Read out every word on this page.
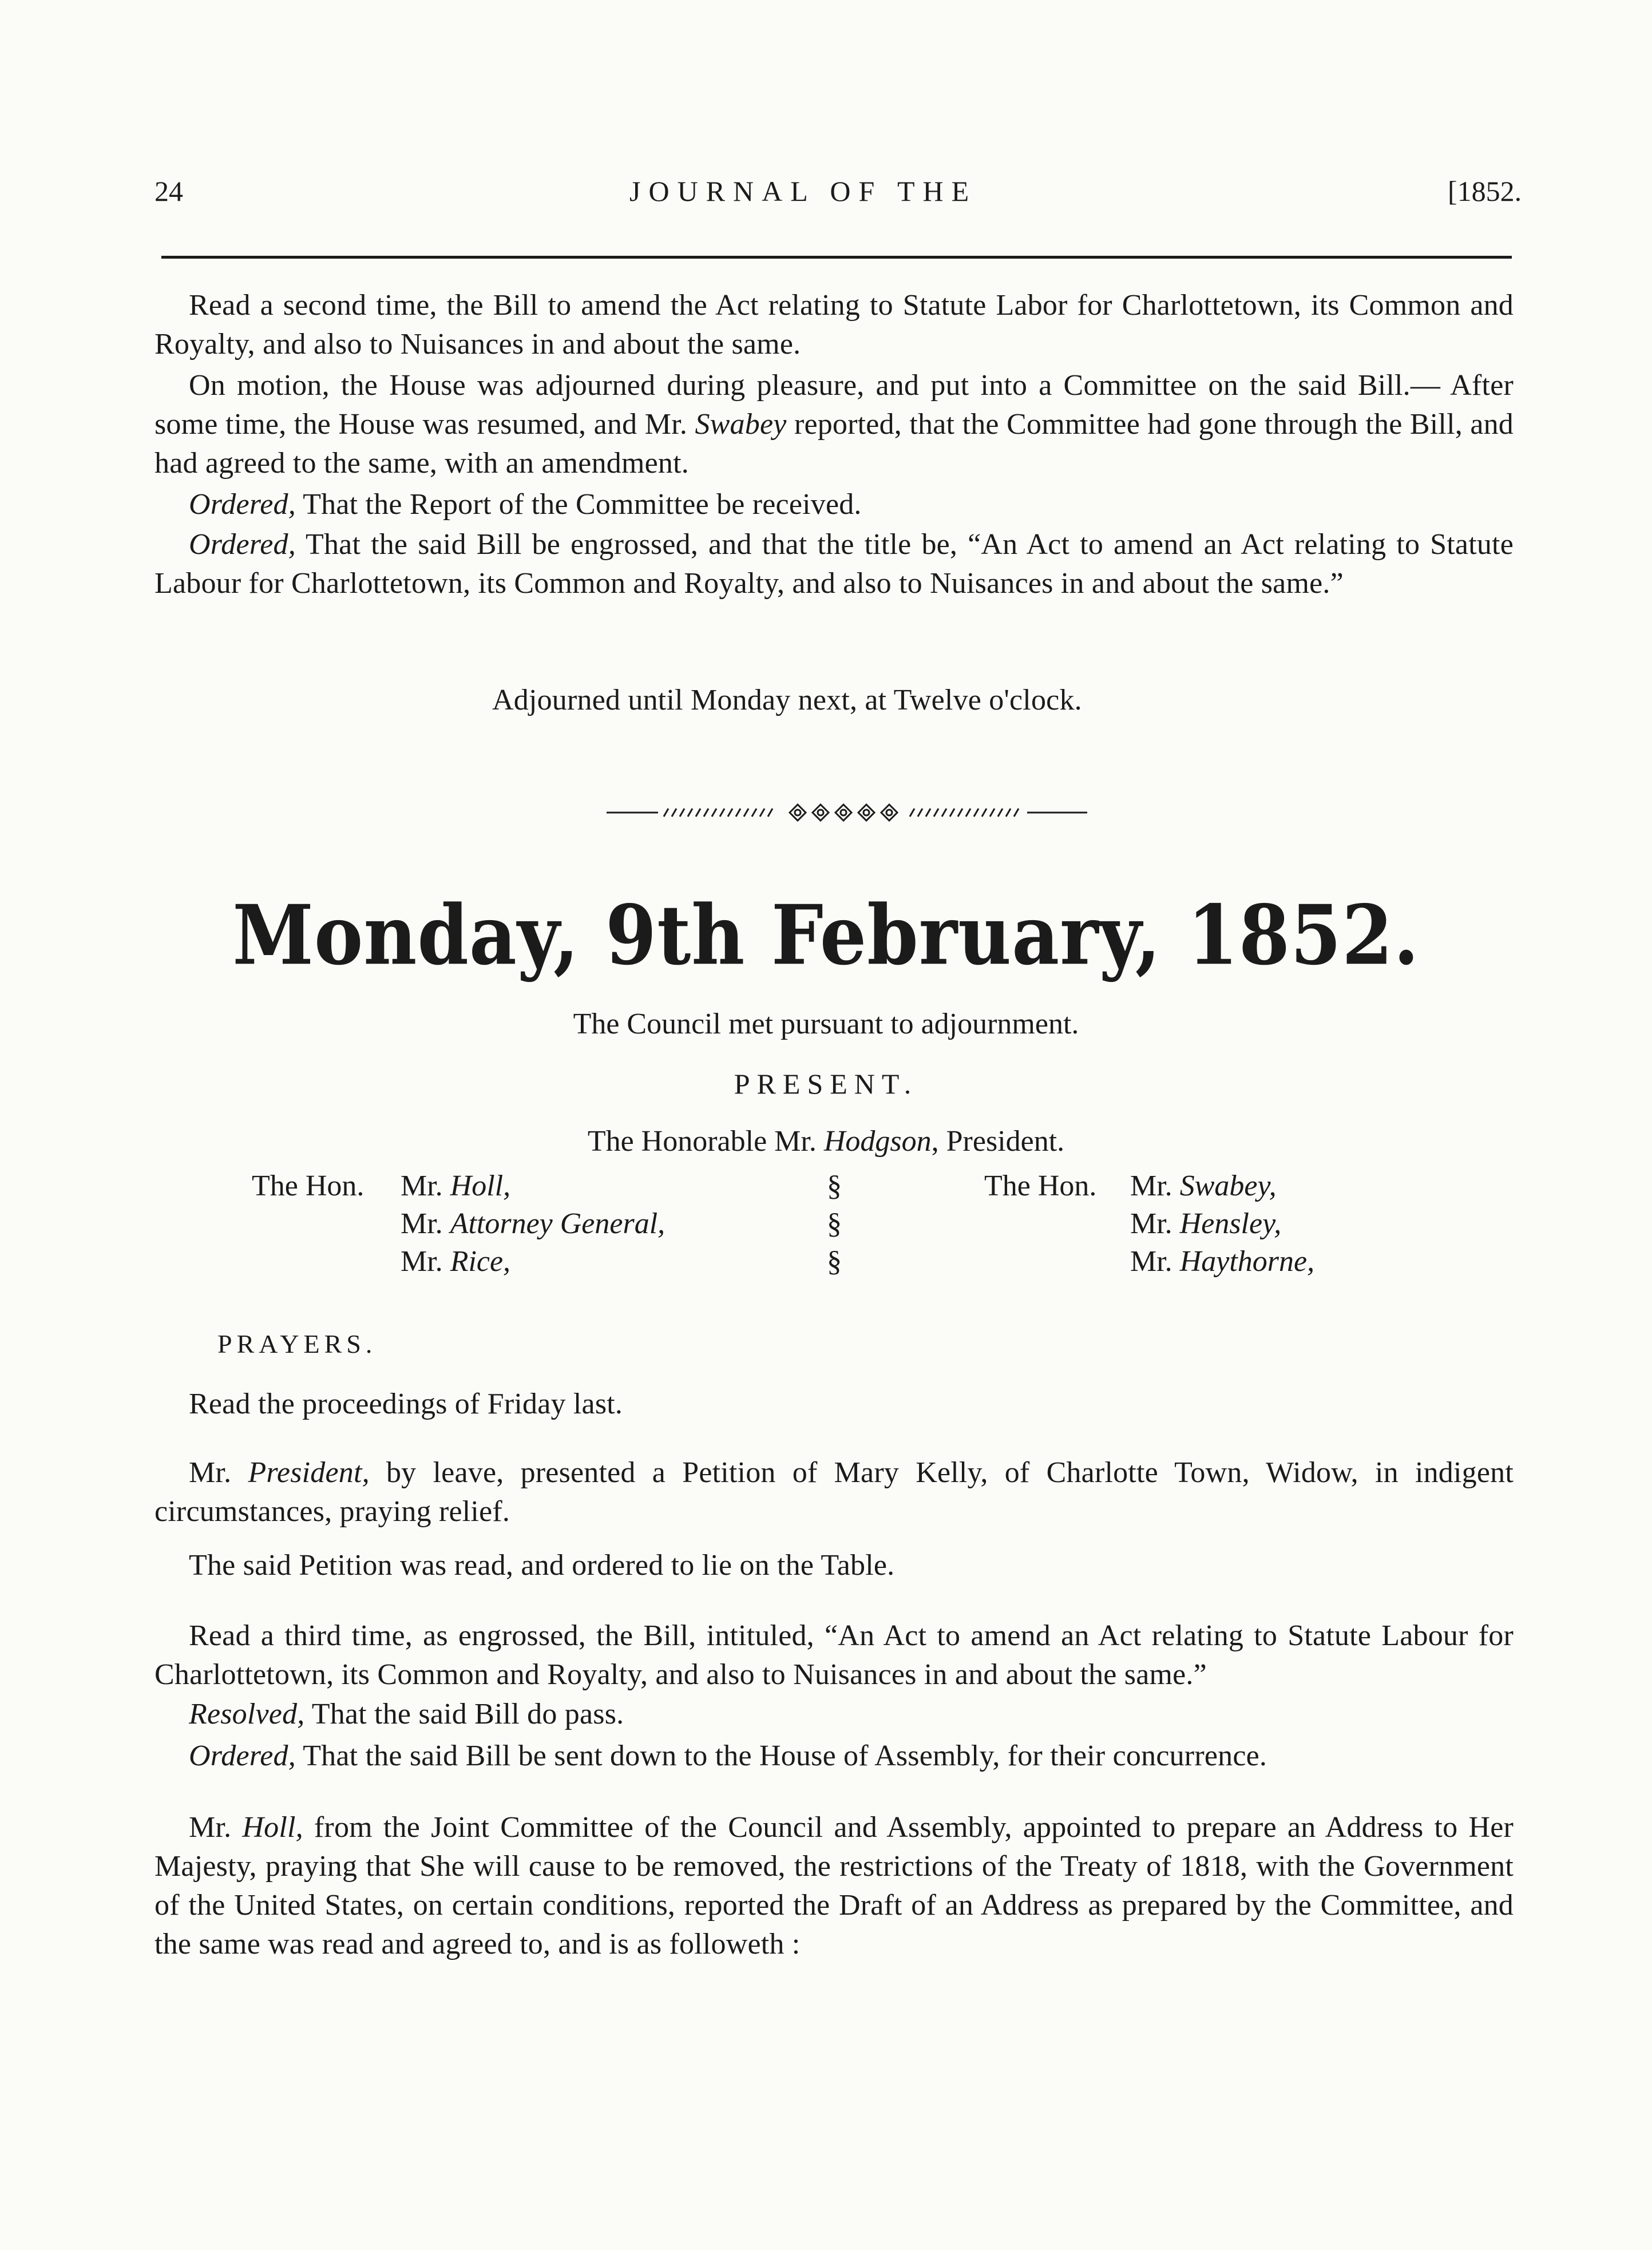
24	JOURNAL OF THE	[1852.

Read a second time, the Bill to amend the Act relating to Statute Labor for Charlottetown, its Common and Royalty, and also to Nuisances in and about the same.

On motion, the House was adjourned during pleasure, and put into a Committee on the said Bill.— After some time, the House was resumed, and Mr. Swabey reported, that the Committee had gone through the Bill, and had agreed to the same, with an amendment.

Ordered, That the Report of the Committee be received.

Ordered, That the said Bill be engrossed, and that the title be, “An Act to amend an Act relating to Statute Labour for Charlottetown, its Common and Royalty, and also to Nuisances in and about the same.”

Adjourned until Monday next, at Twelve o'clock.
Monday, 9th February, 1852.
The Council met pursuant to adjournment.
PRESENT.
The Honorable Mr. Hodgson, President.
The Hon. Mr. Holl,
Mr. Attorney General,
Mr. Rice,
§
§
§
The Hon. Mr. Swabey,
Mr. Hensley,
Mr. Haythorne,
PRAYERS.

Read the proceedings of Friday last.

Mr. President, by leave, presented a Petition of Mary Kelly, of Charlotte Town, Widow, in indigent circumstances, praying relief.

The said Petition was read, and ordered to lie on the Table.

Read a third time, as engrossed, the Bill, intituled, “An Act to amend an Act relating to Statute Labour for Charlottetown, its Common and Royalty, and also to Nuisances in and about the same.”

Resolved, That the said Bill do pass.

Ordered, That the said Bill be sent down to the House of Assembly, for their concurrence.

Mr. Holl, from the Joint Committee of the Council and Assembly, appointed to prepare an Address to Her Majesty, praying that She will cause to be removed, the restrictions of the Treaty of 1818, with the Government of the United States, on certain conditions, reported the Draft of an Address as prepared by the Committee, and the same was read and agreed to, and is as followeth :
